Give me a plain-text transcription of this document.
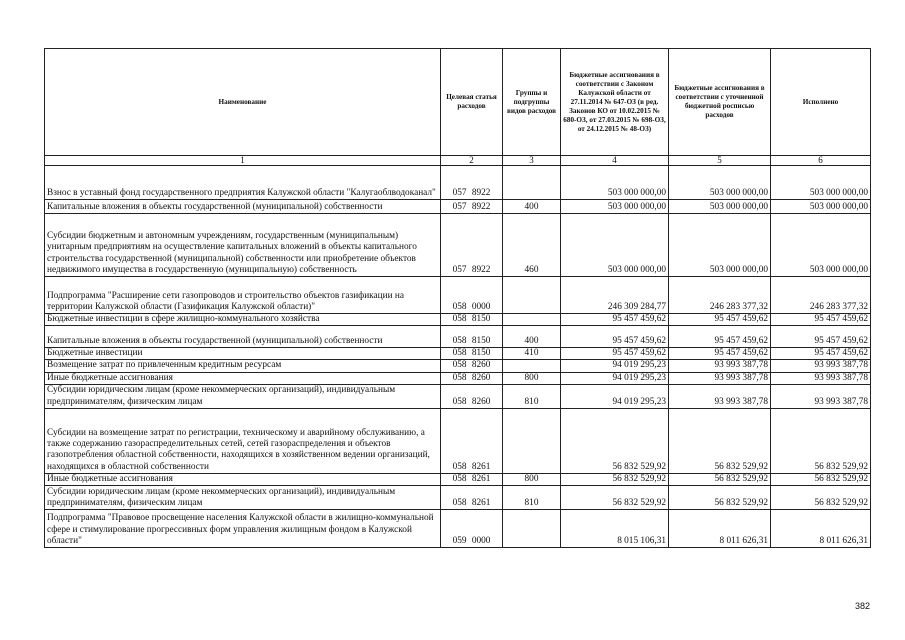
Наименование	Целевая статья расходов	Группы и подгруппы видов расходов	Бюджетные ассигнования в соответствии с Законом Калужской области от 27.11.2014 № 647-ОЗ (в ред. Законов КО от 10.02.2015 № 680-ОЗ, от 27.03.2015 № 698-ОЗ, от 24.12.2015 № 48-ОЗ)	Бюджетные ассигнования в соответствии с уточненной бюджетной росписью расходов	Исполнено
1	2	3	4	5	6
Взнос в уставный фонд государственного предприятия Калужской области "Калугаоблводоканал"	057 8922		503 000 000,00	503 000 000,00	503 000 000,00
Капитальные вложения в объекты государственной (муниципальной) собственности	057 8922	400	503 000 000,00	503 000 000,00	503 000 000,00
Субсидии бюджетным и автономным учреждениям, государственным (муниципальным) унитарным предприятиям на осуществление капитальных вложений в объекты капитального строительства государственной (муниципальной) собственности или приобретение объектов недвижимого имущества в государственную (муниципальную) собственность	057 8922	460	503 000 000,00	503 000 000,00	503 000 000,00
Подпрограмма "Расширение сети газопроводов и строительство объектов газификации на территории Калужской области (Газификация Калужской области)"	058 0000		246 309 284,77	246 283 377,32	246 283 377,32
Бюджетные инвестиции в сфере жилищно-коммунального хозяйства	058 8150		95 457 459,62	95 457 459,62	95 457 459,62
Капитальные вложения в объекты государственной (муниципальной) собственности	058 8150	400	95 457 459,62	95 457 459,62	95 457 459,62
Бюджетные инвестиции	058 8150	410	95 457 459,62	95 457 459,62	95 457 459,62
Возмещение затрат по привлеченным кредитным ресурсам	058 8260		94 019 295,23	93 993 387,78	93 993 387,78
Иные бюджетные ассигнования	058 8260	800	94 019 295,23	93 993 387,78	93 993 387,78
Субсидии юридическим лицам (кроме некоммерческих организаций), индивидуальным предпринимателям, физическим лицам	058 8260	810	94 019 295,23	93 993 387,78	93 993 387,78
Субсидии на возмещение затрат по регистрации, техническому и аварийному обслуживанию, а также содержанию газораспределительных сетей, сетей газораспределения и объектов газопотребления областной собственности, находящихся в хозяйственном ведении организаций, находящихся в областной собственности	058 8261		56 832 529,92	56 832 529,92	56 832 529,92
Иные бюджетные ассигнования	058 8261	800	56 832 529,92	56 832 529,92	56 832 529,92
Субсидии юридическим лицам (кроме некоммерческих организаций), индивидуальным предпринимателям, физическим лицам	058 8261	810	56 832 529,92	56 832 529,92	56 832 529,92
Подпрограмма "Правовое просвещение населения Калужской области в жилищно-коммунальной сфере и стимулирование прогрессивных форм управления жилищным фондом в Калужской области"	059 0000		8 015 106,31	8 011 626,31	8 011 626,31
382
